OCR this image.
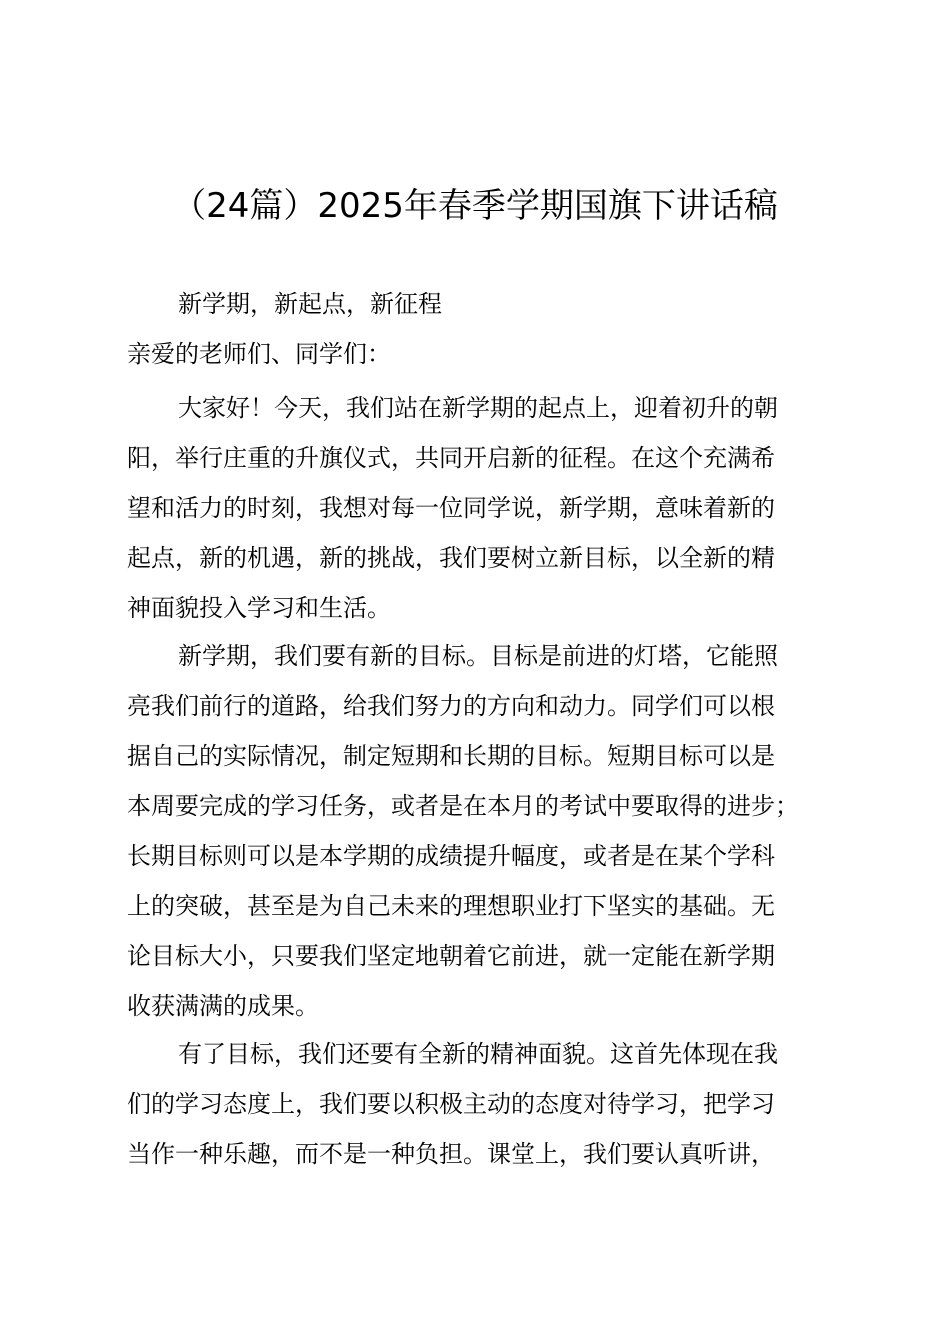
（24篇）2025年春季学期国旗下讲话稿
新学期，新起点，新征程
亲爱的老师们、同学们：
大家好！今天，我们站在新学期的起点上，迎着初升的朝
阳，举行庄重的升旗仪式，共同开启新的征程。在这个充满希
望和活力的时刻，我想对每一位同学说，新学期，意味着新的
起点，新的机遇，新的挑战，我们要树立新目标，以全新的精
神面貌投入学习和生活。
新学期，我们要有新的目标。目标是前进的灯塔，它能照
亮我们前行的道路，给我们努力的方向和动力。同学们可以根
据自己的实际情况，制定短期和长期的目标。短期目标可以是
本周要完成的学习任务，或者是在本月的考试中要取得的进步；
长期目标则可以是本学期的成绩提升幅度，或者是在某个学科
上的突破，甚至是为自己未来的理想职业打下坚实的基础。无
论目标大小，只要我们坚定地朝着它前进，就一定能在新学期
收获满满的成果。
有了目标，我们还要有全新的精神面貌。这首先体现在我
们的学习态度上，我们要以积极主动的态度对待学习，把学习
当作一种乐趣，而不是一种负担。课堂上，我们要认真听讲，
